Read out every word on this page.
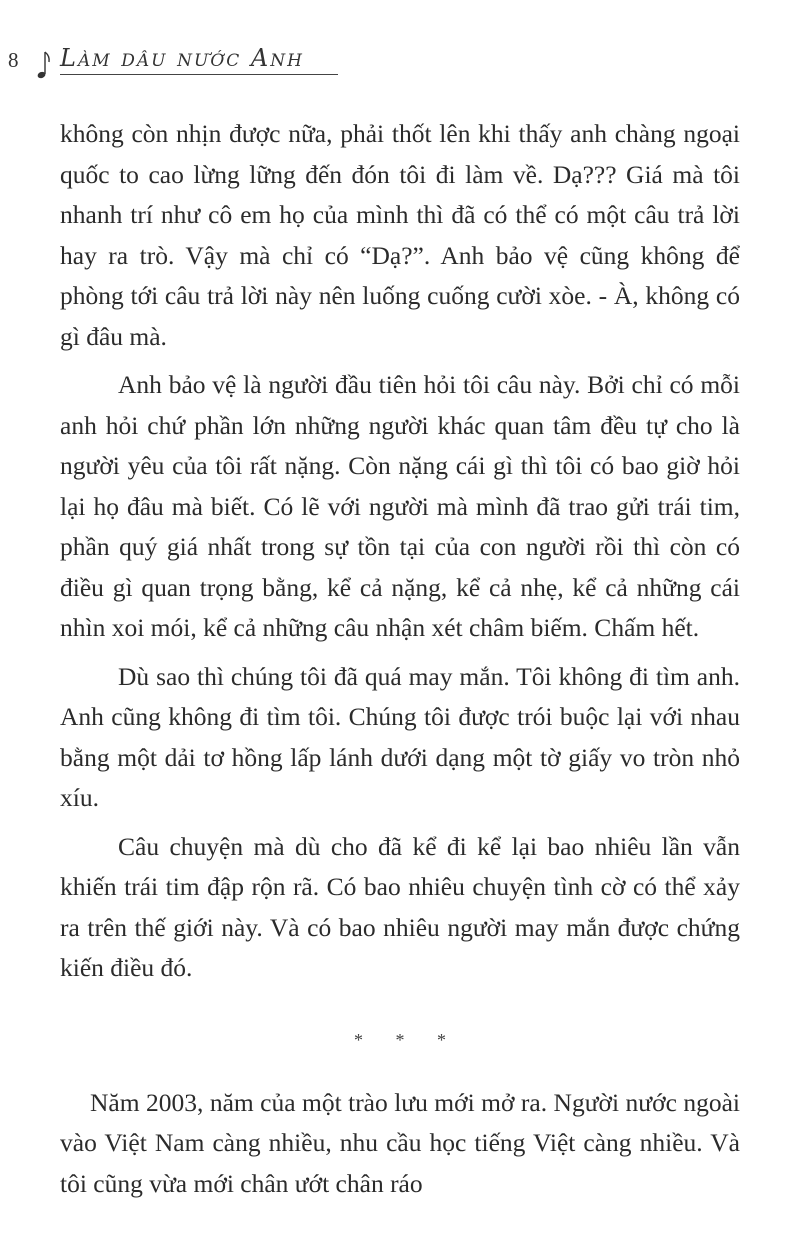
8 Làm dâu nước Anh

không còn nhịn được nữa, phải thốt lên khi thấy anh chàng ngoại quốc to cao lừng lững đến đón tôi đi làm về. Dạ??? Giá mà tôi nhanh trí như cô em họ của mình thì đã có thể có một câu trả lời hay ra trò. Vậy mà chỉ có “Dạ?”. Anh bảo vệ cũng không để phòng tới câu trả lời này nên luống cuống cười xòe. - À, không có gì đâu mà.

Anh bảo vệ là người đầu tiên hỏi tôi câu này. Bởi chỉ có mỗi anh hỏi chứ phần lớn những người khác quan tâm đều tự cho là người yêu của tôi rất nặng. Còn nặng cái gì thì tôi có bao giờ hỏi lại họ đâu mà biết. Có lẽ với người mà mình đã trao gửi trái tim, phần quý giá nhất trong sự tồn tại của con người rồi thì còn có điều gì quan trọng bằng, kể cả nặng, kể cả nhẹ, kể cả những cái nhìn xoi mói, kể cả những câu nhận xét châm biếm. Chấm hết.

Dù sao thì chúng tôi đã quá may mắn. Tôi không đi tìm anh. Anh cũng không đi tìm tôi. Chúng tôi được trói buộc lại với nhau bằng một dải tơ hồng lấp lánh dưới dạng một tờ giấy vo tròn nhỏ xíu.

Câu chuyện mà dù cho đã kể đi kể lại bao nhiêu lần vẫn khiến trái tim đập rộn rã. Có bao nhiêu chuyện tình cờ có thể xảy ra trên thế giới này. Và có bao nhiêu người may mắn được chứng kiến điều đó.

* * *

Năm 2003, năm của một trào lưu mới mở ra. Người nước ngoài vào Việt Nam càng nhiều, nhu cầu học tiếng Việt càng nhiều. Và tôi cũng vừa mới chân ướt chân ráo
